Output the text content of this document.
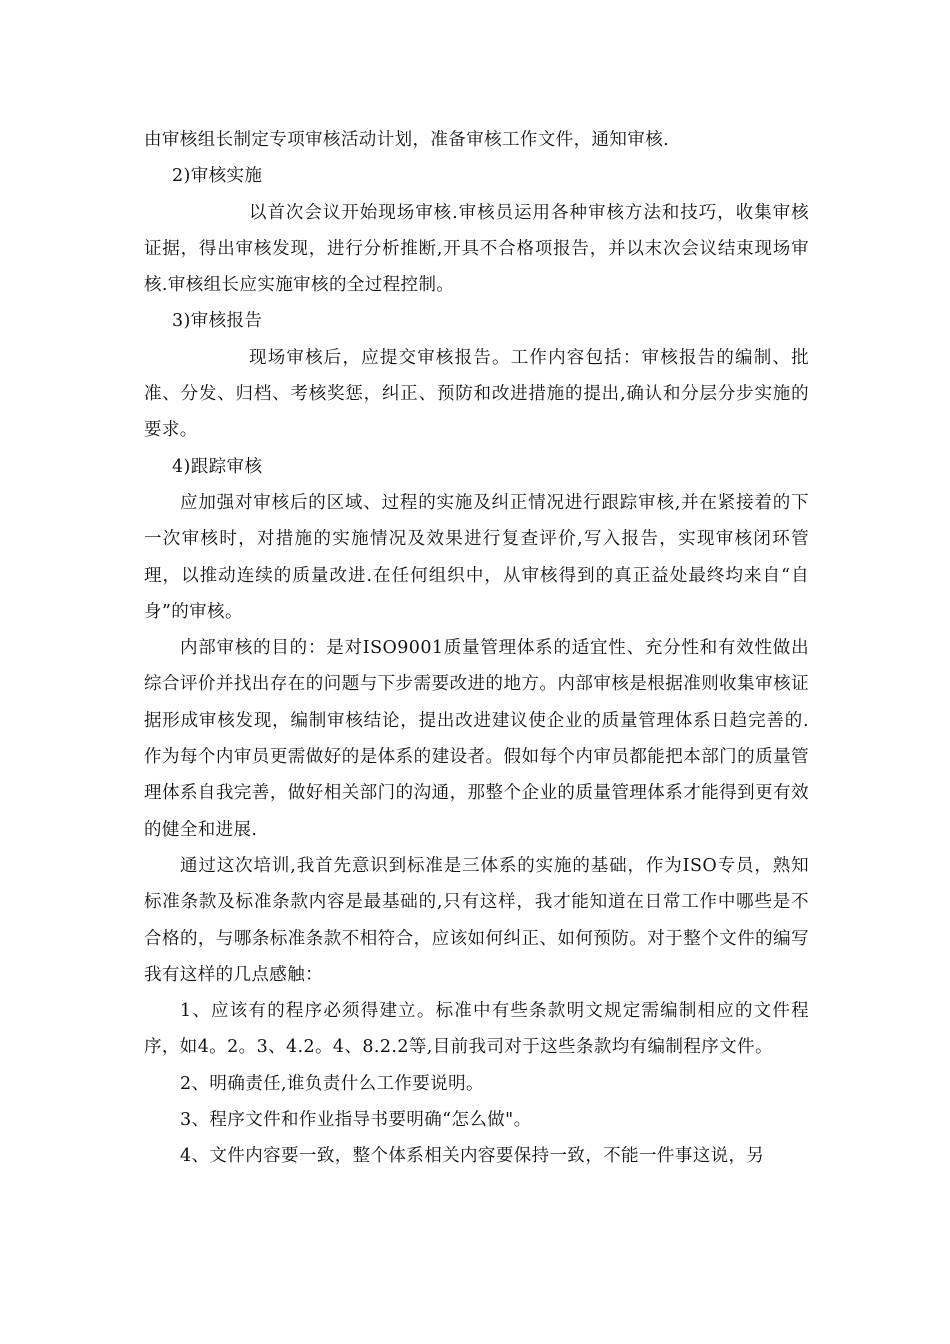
由审核组长制定专项审核活动计划，准备审核工作文件，通知审核.

2)审核实施

以首次会议开始现场审核.审核员运用各种审核方法和技巧，收集审核证据，得出审核发现，进行分析推断,开具不合格项报告，并以末次会议结束现场审核.审核组长应实施审核的全过程控制。

3)审核报告

现场审核后，应提交审核报告。工作内容包括：审核报告的编制、批准、分发、归档、考核奖惩，纠正、预防和改进措施的提出,确认和分层分步实施的要求。

4)跟踪审核

应加强对审核后的区域、过程的实施及纠正情况进行跟踪审核,并在紧接着的下一次审核时，对措施的实施情况及效果进行复查评价,写入报告，实现审核闭环管理，以推动连续的质量改进.在任何组织中，从审核得到的真正益处最终均来自“自身”的审核。

内部审核的目的：是对ISO9001质量管理体系的适宜性、充分性和有效性做出综合评价并找出存在的问题与下步需要改进的地方。内部审核是根据准则收集审核证据形成审核发现，编制审核结论，提出改进建议使企业的质量管理体系日趋完善的.作为每个内审员更需做好的是体系的建设者。假如每个内审员都能把本部门的质量管理体系自我完善，做好相关部门的沟通，那整个企业的质量管理体系才能得到更有效的健全和进展.

通过这次培训,我首先意识到标准是三体系的实施的基础，作为ISO专员，熟知标准条款及标准条款内容是最基础的,只有这样，我才能知道在日常工作中哪些是不合格的，与哪条标准条款不相符合，应该如何纠正、如何预防。对于整个文件的编写我有这样的几点感触：

1、应该有的程序必须得建立。标准中有些条款明文规定需编制相应的文件程序，如4。2。3、4.2。4、8.2.2等,目前我司对于这些条款均有编制程序文件。

2、明确责任,谁负责什么工作要说明。

3、程序文件和作业指导书要明确“怎么做"。

4、文件内容要一致，整个体系相关内容要保持一致，不能一件事这说，另
